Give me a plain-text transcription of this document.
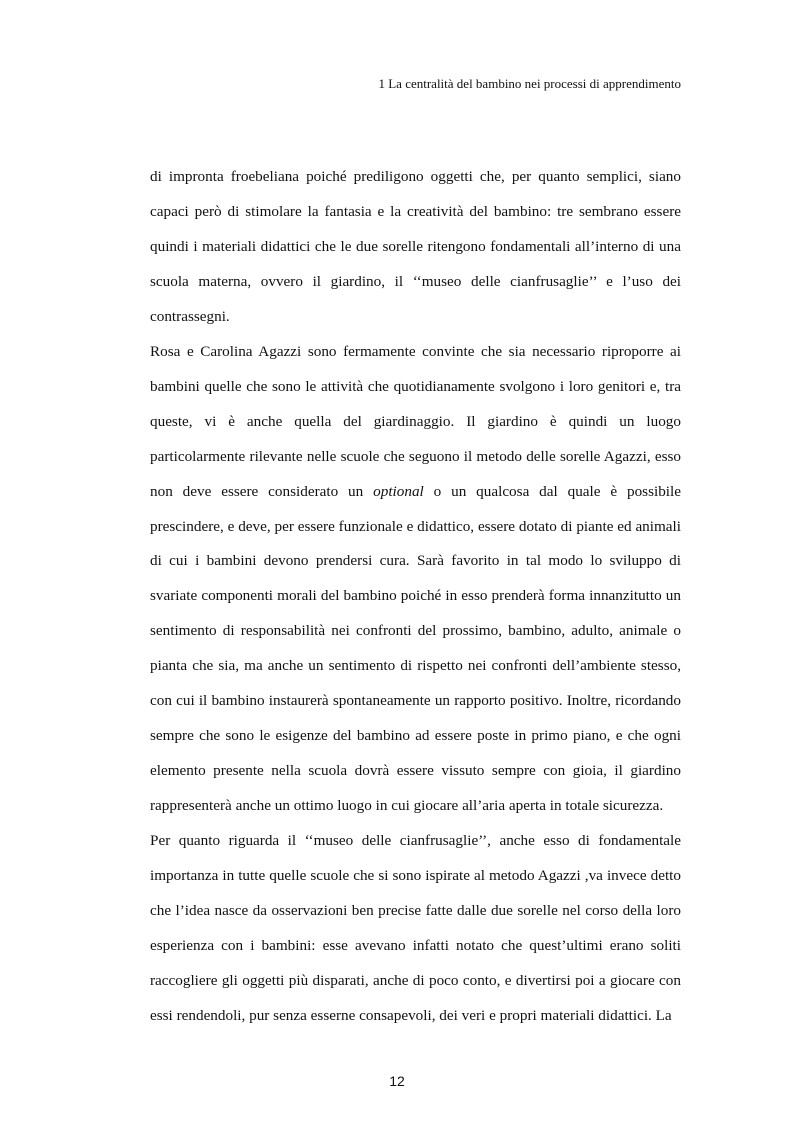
1 La centralità del bambino nei processi di apprendimento

di impronta froebeliana poiché prediligono oggetti che, per quanto semplici, siano capaci però di stimolare la fantasia e la creatività del bambino: tre sembrano essere quindi i materiali didattici che le due sorelle ritengono fondamentali all’interno di una scuola materna, ovvero il giardino, il ‘‘museo delle cianfrusaglie’’ e l’uso dei contrassegni.

Rosa e Carolina Agazzi sono fermamente convinte che sia necessario riproporre ai bambini quelle che sono le attività che quotidianamente svolgono i loro genitori e, tra queste, vi è anche quella del giardinaggio. Il giardino è quindi un luogo particolarmente rilevante nelle scuole che seguono il metodo delle sorelle Agazzi, esso non deve essere considerato un optional o un qualcosa dal quale è possibile prescindere, e deve, per essere funzionale e didattico, essere dotato di piante ed animali di cui i bambini devono prendersi cura. Sarà favorito in tal modo lo sviluppo di svariate componenti morali del bambino poiché in esso prenderà forma innanzitutto un sentimento di responsabilità nei confronti del prossimo, bambino, adulto, animale o pianta che sia, ma anche un sentimento di rispetto nei confronti dell’ambiente stesso, con cui il bambino instaurerà spontaneamente un rapporto positivo. Inoltre, ricordando sempre che sono le esigenze del bambino ad essere poste in primo piano, e che ogni elemento presente nella scuola dovrà essere vissuto sempre con gioia, il giardino rappresenterà anche un ottimo luogo in cui giocare all’aria aperta in totale sicurezza.

Per quanto riguarda il ‘‘museo delle cianfrusaglie’’, anche esso di fondamentale importanza in tutte quelle scuole che si sono ispirate al metodo Agazzi ,va invece detto che l’idea nasce da osservazioni ben precise fatte dalle due sorelle nel corso della loro esperienza con i bambini: esse avevano infatti notato che quest’ultimi erano soliti raccogliere gli oggetti più disparati, anche di poco conto, e divertirsi poi a giocare con essi rendendoli, pur senza esserne consapevoli, dei veri e propri materiali didattici. La

12
